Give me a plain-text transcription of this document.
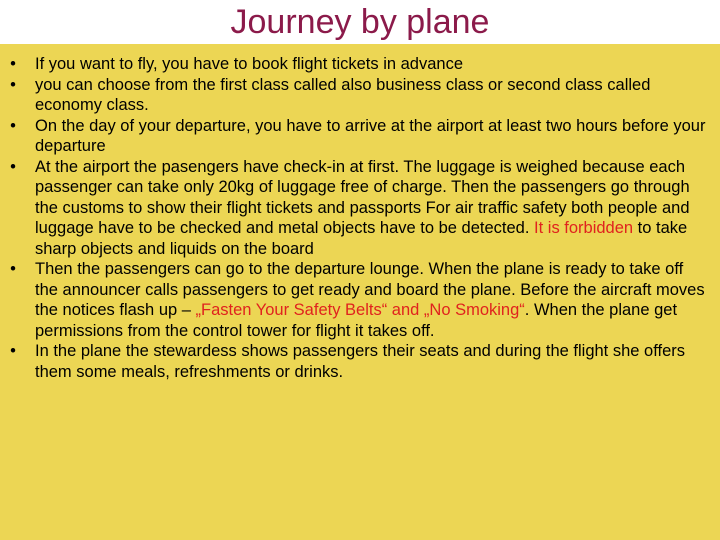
Journey by plane
• If you want to fly, you have to book flight tickets in advance
• you can choose from the first class called also business class or second class called economy class.
• On the day of your departure, you have to arrive at the airport at least two hours before your departure
• At the airport the pasengers have check-in at first. The luggage is weighed because each passenger can take only 20kg of luggage free of charge. Then the passengers go through the customs to show their flight tickets and passports For air traffic safety both people and luggage have to be checked and metal objects have to be detected. It is forbidden to take sharp objects and liquids on the board
• Then the passengers can go to the departure lounge. When the plane is ready to take off the announcer calls passengers to get ready and board the plane. Before the aircraft moves the notices flash up – „Fasten Your Safety Belts“ and „No Smoking“. When the plane get permissions from the control tower for flight it takes off.
• In the plane the stewardess shows passengers their seats and during the flight she offers them some meals, refreshments or drinks.
